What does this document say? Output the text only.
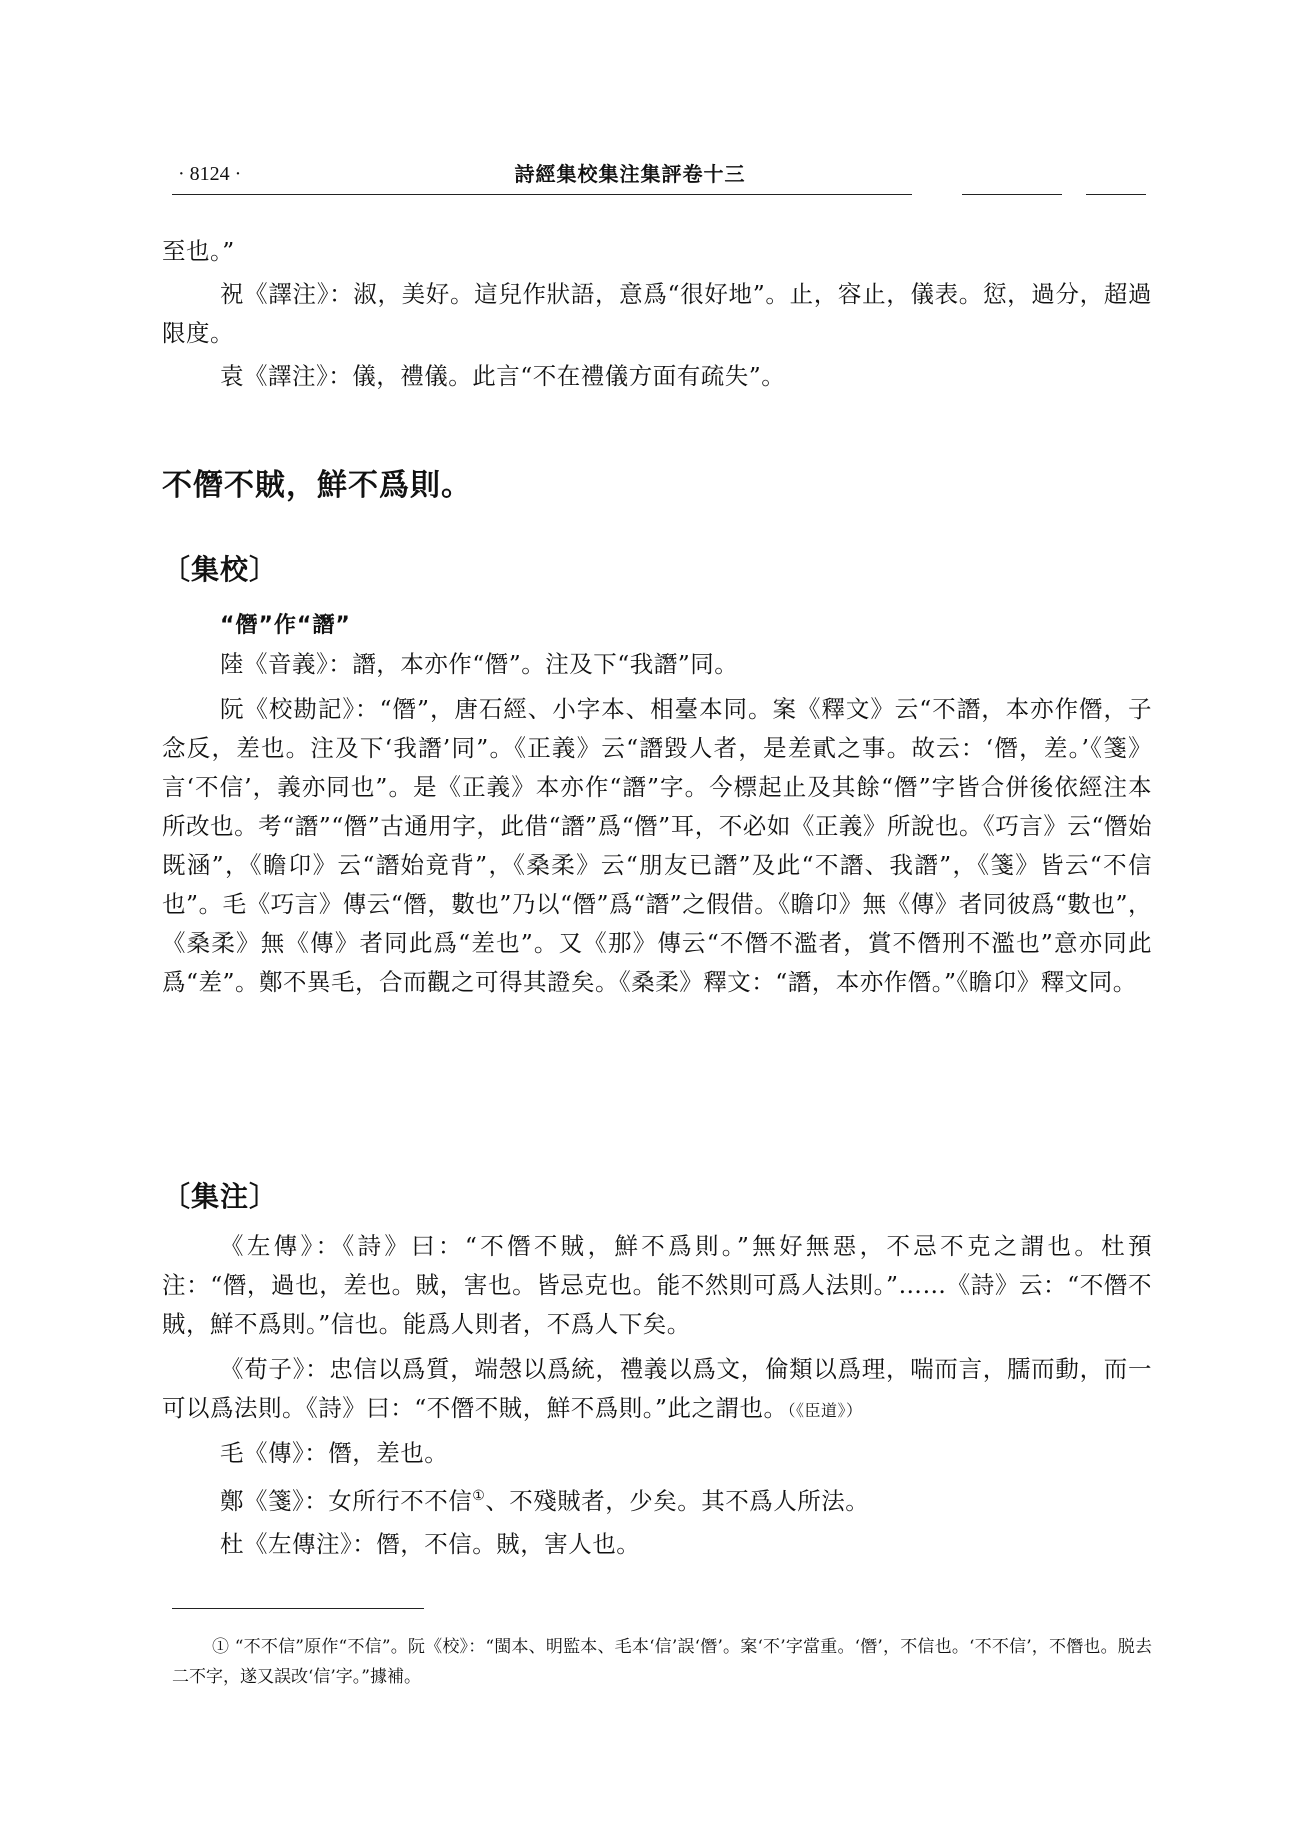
· 8124 ·	詩經集校集注集評卷十三

至也。”

祝《譯注》：淑，美好。這兒作狀語，意爲“很好地”。止，容止，儀表。愆，過分，超過限度。

袁《譯注》：儀，禮儀。此言“不在禮儀方面有疏失”。

不僭不賊，鮮不爲則。

〔集校〕

“僭”作“譖”

陸《音義》：譖，本亦作“僭”。注及下“我譖”同。

阮《校勘記》：“僭”，唐石經、小字本、相臺本同。案《釋文》云“不譖，本亦作僭，子念反，差也。注及下‘我譖’同”。《正義》云“譖毀人者，是差貳之事。故云：‘僭，差。’《箋》言‘不信’，義亦同也”。是《正義》本亦作“譖”字。今標起止及其餘“僭”字皆合併後依經注本所改也。考“譖”“僭”古通用字，此借“譖”爲“僭”耳，不必如《正義》所說也。《巧言》云“僭始既涵”，《瞻卬》云“譖始竟背”，《桑柔》云“朋友已譖”及此“不譖、我譖”，《箋》皆云“不信也”。毛《巧言》傳云“僭，數也”乃以“僭”爲“譖”之假借。《瞻卬》無《傳》者同彼爲“數也”，《桑柔》無《傳》者同此爲“差也”。又《那》傳云“不僭不濫者，賞不僭刑不濫也”意亦同此爲“差”。鄭不異毛，合而觀之可得其證矣。《桑柔》釋文：“譖，本亦作僭。”《瞻卬》釋文同。

〔集注〕

《左傳》：《詩》曰：“不僭不賊，鮮不爲則。”無好無惡，不忌不克之謂也。杜預注：“僭，過也，差也。賊，害也。皆忌克也。能不然則可爲人法則。”……《詩》云：“不僭不賊，鮮不爲則。”信也。能爲人則者，不爲人下矣。

《荀子》：忠信以爲質，端愨以爲統，禮義以爲文，倫類以爲理，喘而言，臑而動，而一可以爲法則。《詩》曰：“不僭不賊，鮮不爲則。”此之謂也。（《臣道》）

毛《傳》：僭，差也。

鄭《箋》：女所行不不信①、不殘賊者，少矣。其不爲人所法。

杜《左傳注》：僭，不信。賊，害人也。

① “不不信”原作“不信”。阮《校》：“閩本、明監本、毛本‘信’誤‘僭’。案‘不’字當重。‘僭’，不信也。‘不不信’，不僭也。脱去二不字，遂又誤改‘信’字。”據補。
